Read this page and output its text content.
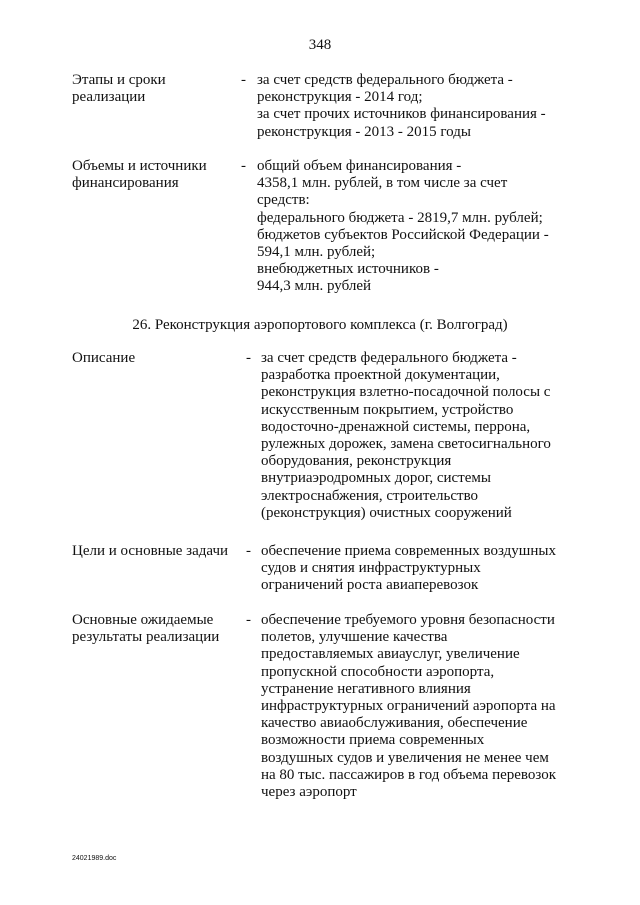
348
Этапы и сроки
реализации
- за счет средств федерального бюджета -
реконструкция - 2014 год;
за счет прочих источников финансирования -
реконструкция - 2013 - 2015 годы
Объемы и источники
финансирования
- общий объем финансирования -
4358,1 млн. рублей, в том числе за счет
средств:
федерального бюджета - 2819,7 млн. рублей;
бюджетов субъектов Российской Федерации -
594,1 млн. рублей;
внебюджетных источников -
944,3 млн. рублей
26. Реконструкция аэропортового комплекса (г. Волгоград)
Описание	- за счет средств федерального бюджета -
разработка проектной документации,
реконструкция взлетно-посадочной полосы с
искусственным покрытием, устройство
водосточно-дренажной системы, перрона,
рулежных дорожек, замена светосигнального
оборудования, реконструкция
внутриаэродромных дорог, системы
электроснабжения, строительство
(реконструкция) очистных сооружений
Цели и основные задачи	- обеспечение приема современных воздушных
судов и снятия инфраструктурных
ограничений роста авиаперевозок
Основные ожидаемые
результаты реализации
- обеспечение требуемого уровня безопасности
полетов, улучшение качества
предоставляемых авиауслуг, увеличение
пропускной способности аэропорта,
устранение негативного влияния
инфраструктурных ограничений аэропорта на
качество авиаобслуживания, обеспечение
возможности приема современных
воздушных судов и увеличения не менее чем
на 80 тыс. пассажиров в год объема перевозок
через аэропорт
24021989.doc
